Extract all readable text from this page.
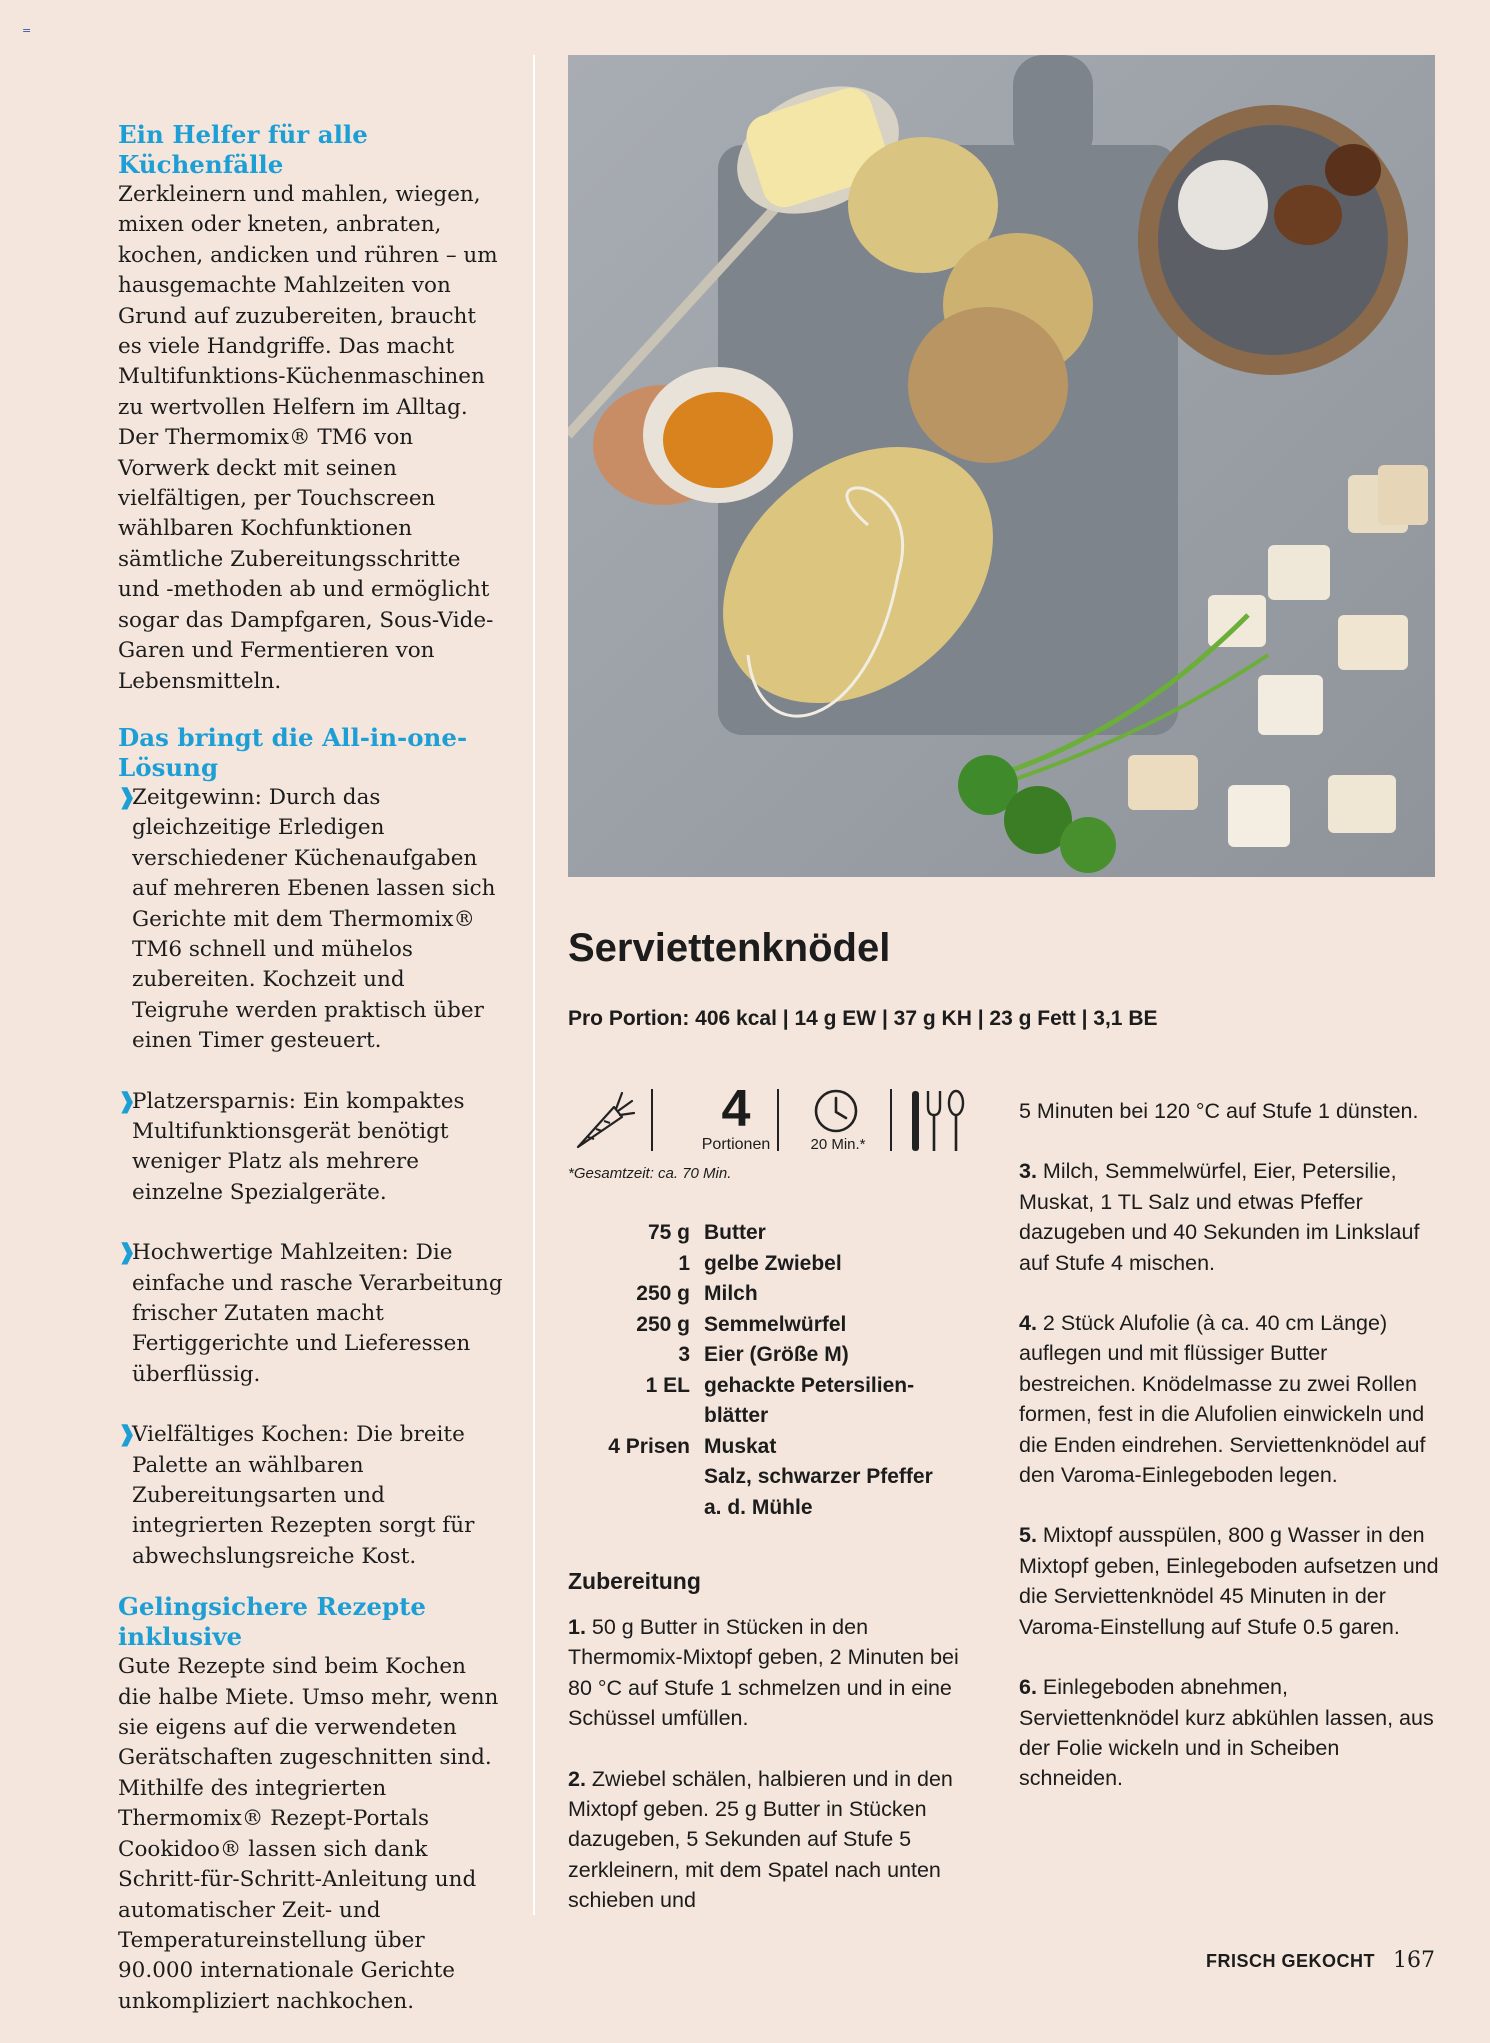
=
Ein Helfer für alle
Küchenfälle

Zerkleinern und mahlen, wiegen, mixen oder kneten, anbraten, kochen, andicken und rühren – um hausgemachte Mahlzeiten von Grund auf zuzubereiten, braucht es viele Handgriffe. Das macht Multifunktions-Küchenmaschinen zu wertvollen Helfern im Alltag. Der Thermomix® TM6 von Vorwerk deckt mit seinen vielfältigen, per Touchscreen wählbaren Kochfunktionen sämtliche Zubereitungsschritte und -methoden ab und ermöglicht sogar das Dampfgaren, Sous-Vide-Garen und Fermentieren von Lebensmitteln.

Das bringt die All-in-one-
Lösung
❱
Zeitgewinn: Durch das gleichzeitige Erledigen verschiedener Küchenaufgaben auf mehreren Ebenen lassen sich Gerichte mit dem Thermomix® TM6 schnell und mühelos zubereiten. Kochzeit und Teigruhe werden praktisch über einen Timer gesteuert.
❱
Platzersparnis: Ein kompaktes Multifunktionsgerät benötigt weniger Platz als mehrere einzelne Spezialgeräte.
❱
Hochwertige Mahlzeiten: Die einfache und rasche Verarbeitung frischer Zutaten macht Fertiggerichte und Lieferessen überflüssig.
❱
Vielfältiges Kochen: Die breite Palette an wählbaren Zubereitungsarten und integrierten Rezepten sorgt für abwechslungsreiche Kost.
Gelingsichere Rezepte
inklusive

Gute Rezepte sind beim Kochen die halbe Miete. Umso mehr, wenn sie eigens auf die verwendeten Gerätschaften zugeschnitten sind. Mithilfe des integrierten Thermomix® Rezept-Portals Cookidoo® lassen sich dank Schritt-für-Schritt-Anleitung und automatischer Zeit- und Temperatureinstellung über 90.000 internationale Gerichte unkompliziert nachkochen.

Serviettenknödel
Pro Portion: 406 kcal | 14 g EW | 37 g KH | 23 g Fett | 3,1 BE
4
Portionen	20 Min.*
*Gesamtzeit: ca. 70 Min.
75 g Butter
1 gelbe Zwiebel
250 g Milch
250 g Semmelwürfel
3 Eier (Größe M)
1 EL gehackte Petersilien-
blätter
4 Prisen Muskat
Salz, schwarzer Pfeffer
a. d. Mühle
Zubereitung

1. 50 g Butter in Stücken in den Thermomix-Mixtopf geben, 2 Minuten bei 80 °C auf Stufe 1 schmelzen und in eine Schüssel umfüllen.

2. Zwiebel schälen, halbieren und in den Mixtopf geben. 25 g Butter in Stücken dazugeben, 5 Sekunden auf Stufe 5 zerkleinern, mit dem Spatel nach unten schieben und

5 Minuten bei 120 °C auf Stufe 1 dünsten.

3. Milch, Semmelwürfel, Eier, Petersilie, Muskat, 1 TL Salz und etwas Pfeffer dazugeben und 40 Sekunden im Linkslauf auf Stufe 4 mischen.

4. 2 Stück Alufolie (à ca. 40 cm Länge) auflegen und mit flüssiger Butter bestreichen. Knödelmasse zu zwei Rollen formen, fest in die Alufolien einwickeln und die Enden eindrehen. Serviettenknödel auf den Varoma-Einlegeboden legen.

5. Mixtopf ausspülen, 800 g Wasser in den Mixtopf geben, Einlegeboden aufsetzen und die Serviettenknödel 45 Minuten in der Varoma-Einstellung auf Stufe 0.5 garen.

6. Einlegeboden abnehmen, Serviettenknödel kurz abkühlen lassen, aus der Folie wickeln und in Scheiben schneiden.

FRISCH GEKOCHT 167
